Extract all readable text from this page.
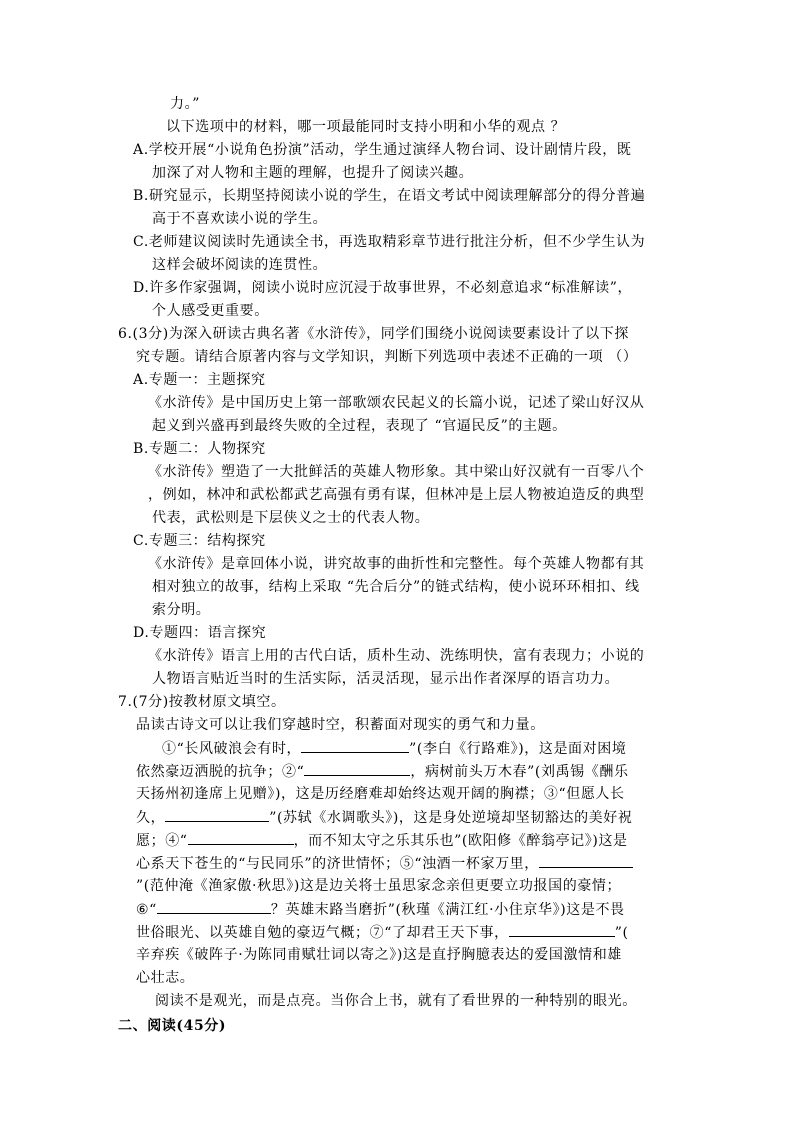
力。”
以下选项中的材料，哪一项最能同时支持小明和小华的观点 ？
A.学校开展“小说角色扮演”活动，学生通过演绎人物台词、设计剧情片段，既
加深了对人物和主题的理解，也提升了阅读兴趣。
B.研究显示，长期坚持阅读小说的学生，在语文考试中阅读理解部分的得分普遍
高于不喜欢读小说的学生。
C.老师建议阅读时先通读全书，再选取精彩章节进行批注分析，但不少学生认为
这样会破坏阅读的连贯性。
D.许多作家强调，阅读小说时应沉浸于故事世界，不必刻意追求“标准解读”，
个人感受更重要。
6.(3分)为深入研读古典名著《水浒传》，同学们围绕小说阅读要素设计了以下探
究专题。请结合原著内容与文学知识，判断下列选项中表述不正确的一项 （）
A.专题一：主题探究
《水浒传》是中国历史上第一部歌颂农民起义的长篇小说，记述了梁山好汉从
起义到兴盛再到最终失败的全过程，表现了 “官逼民反”的主题。
B.专题二：人物探究
《水浒传》塑造了一大批鲜活的英雄人物形象。其中梁山好汉就有一百零八个
，例如，林冲和武松都武艺高强有勇有谋，但林冲是上层人物被迫造反的典型
代表，武松则是下层侠义之士的代表人物。
C.专题三：结构探究
《水浒传》是章回体小说，讲究故事的曲折性和完整性。每个英雄人物都有其
相对独立的故事，结构上采取 “先合后分”的链式结构，使小说环环相扣、线
索分明。
D.专题四：语言探究
《水浒传》语言上用的古代白话，质朴生动、洗练明快，富有表现力；小说的
人物语言贴近当时的生活实际，活灵活现，显示出作者深厚的语言功力。
7.(7分)按教材原文填空。
品读古诗文可以让我们穿越时空，积蓄面对现实的勇气和力量。
①“长风破浪会有时，	”(李白《行路难》)，这是面对困境
依然豪迈洒脱的抗争；②“	，病树前头万木春”(刘禹锡《酬乐
天扬州初逢席上见赠》)，这是历经磨难却始终达观开阔的胸襟；③“但愿人长
久，	”(苏轼《水调歌头》)，这是身处逆境却坚韧豁达的美好祝
愿；④“	，而不知太守之乐其乐也”(欧阳修《醉翁亭记》)这是
心系天下苍生的“与民同乐”的济世情怀；⑤“浊酒一杯家万里，
”(范仲淹《渔家傲·秋思》)这是边关将士虽思家念亲但更要立功报国的豪情；
⑥“	？英雄末路当磨折”(秋瑾《满江红·小住京华》)这是不畏
世俗眼光、以英雄自勉的豪迈气概；⑦“了却君王天下事，	”(
辛弃疾《破阵子·为陈同甫赋壮词以寄之》)这是直抒胸臆表达的爱国激情和雄
心壮志。
阅读不是观光，而是点亮。当你合上书，就有了看世界的一种特别的眼光。
二、阅读(45分)
